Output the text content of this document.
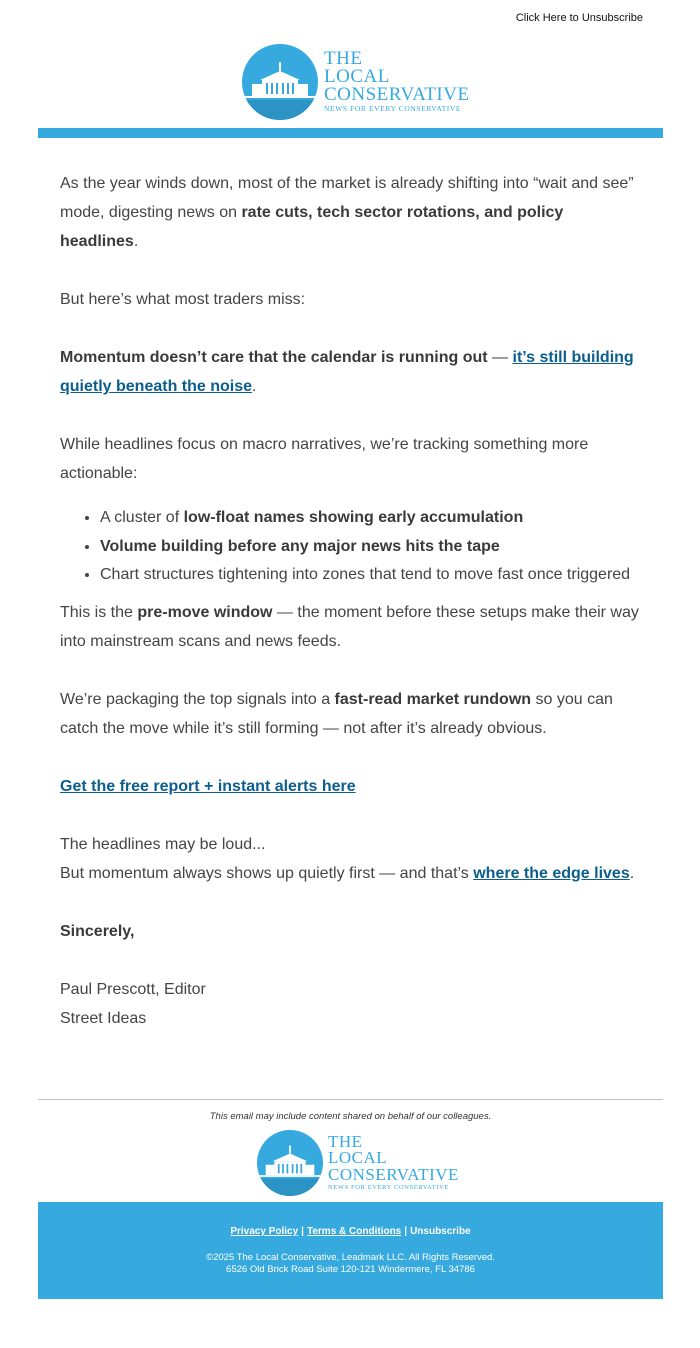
Click Here to Unsubscribe
THE
LOCAL
CONSERVATIVE
NEWS FOR EVERY CONSERVATIVE

As the year winds down, most of the market is already shifting into “wait and see” mode, digesting news on rate cuts, tech sector rotations, and policy headlines.

But here’s what most traders miss:

Momentum doesn’t care that the calendar is running out — it’s still building quietly beneath the noise.

While headlines focus on macro narratives, we’re tracking something more actionable:

• A cluster of low-float names showing early accumulation
• Volume building before any major news hits the tape
• Chart structures tightening into zones that tend to move fast once triggered

This is the pre-move window — the moment before these setups make their way into mainstream scans and news feeds.

We’re packaging the top signals into a fast-read market rundown so you can catch the move while it’s still forming — not after it’s already obvious.

Get the free report + instant alerts here

The headlines may be loud...
But momentum always shows up quietly first — and that’s where the edge lives.

Sincerely,

Paul Prescott, Editor
Street Ideas

This email may include content shared on behalf of our colleagues.
THE
LOCAL
CONSERVATIVE
NEWS FOR EVERY CONSERVATIVE
Privacy Policy | Terms & Conditions | Unsubscribe
©2025 The Local Conservative, Leadmark LLC. All Rights Reserved.
6526 Old Brick Road Suite 120-121 Windermere, FL 34786
